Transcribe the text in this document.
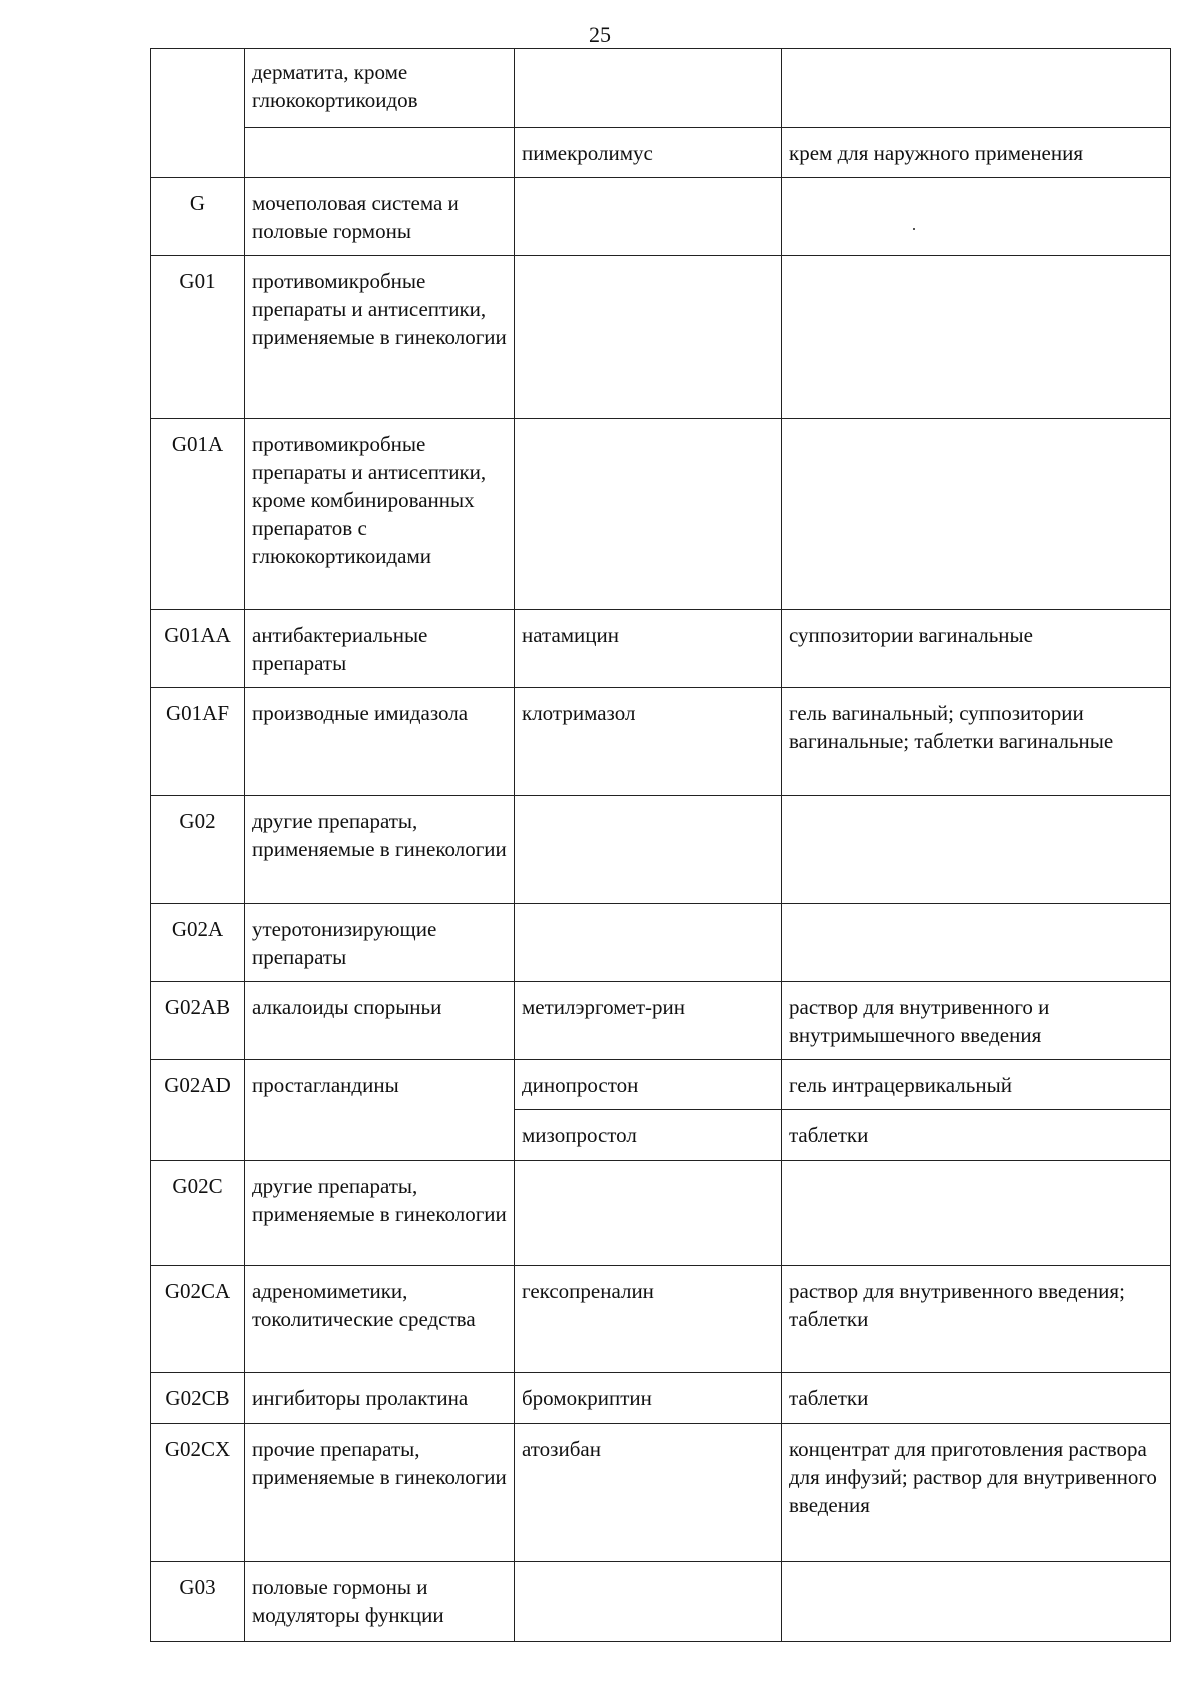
25
	дерматита, кроме глюкокортикоидов		
		пимекролимус	крем для наружного применения
G	мочеполовая система и половые гормоны		
G01	противомикробные препараты и антисептики, применяемые в гинекологии		
G01A	противомикробные препараты и антисептики, кроме комбинированных препаратов с глюкокортикоидами		
G01AA	антибактериальные препараты	натамицин	суппозитории вагинальные
G01AF	производные имидазола	клотримазол	гель вагинальный; суппозитории вагинальные; таблетки вагинальные
G02	другие препараты, применяемые в гинекологии		
G02A	утеротонизирующие препараты		
G02AB	алкалоиды спорыньи	метилэргомет-рин	раствор для внутривенного и внутримышечного введения
G02AD	простагландины	динопростон	гель интрацервикальный
		мизопростол	таблетки
G02C	другие препараты, применяемые в гинекологии		
G02CA	адреномиметики, токолитические средства	гексопреналин	раствор для внутривенного введения; таблетки
G02CB	ингибиторы пролактина	бромокриптин	таблетки
G02CX	прочие препараты, применяемые в гинекологии	атозибан	концентрат для приготовления раствора для инфузий; раствор для внутривенного введения
G03	половые гормоны и модуляторы функции		
